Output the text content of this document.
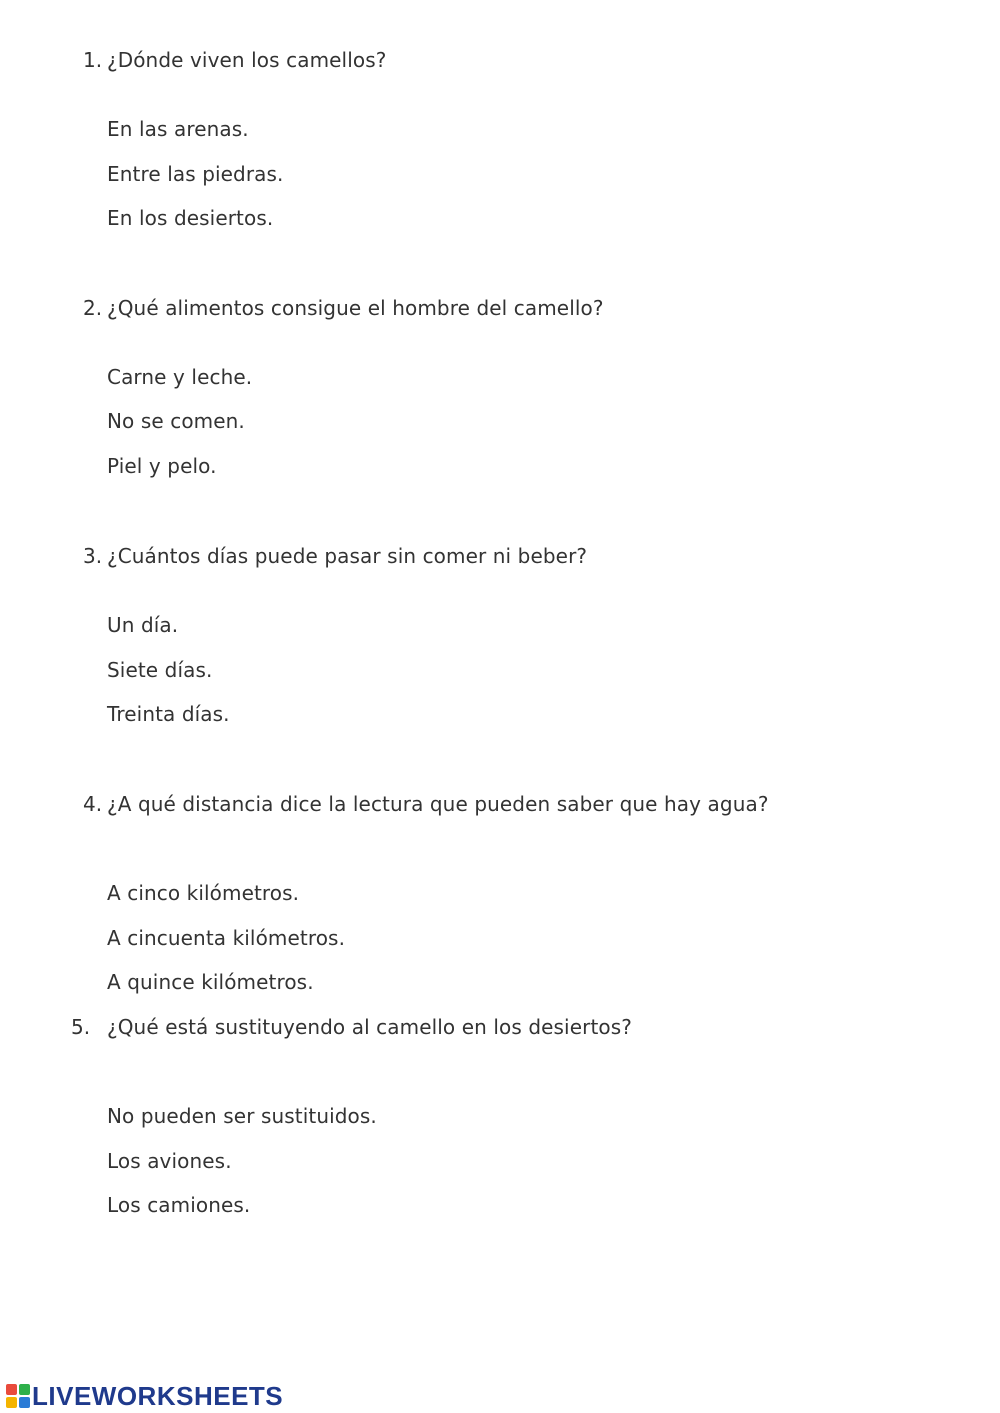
1. ¿Dónde viven los camellos?
En las arenas.
Entre las piedras.
En los desiertos.
2. ¿Qué alimentos consigue el hombre del camello?
Carne y leche.
No se comen.
Piel y pelo.
3. ¿Cuántos días puede pasar sin comer ni beber?
Un día.
Siete días.
Treinta días.
4. ¿A qué distancia dice la lectura que pueden saber que hay agua?
A cinco kilómetros.
A cincuenta kilómetros.
A quince kilómetros.
5. ¿Qué está sustituyendo al camello en los desiertos?
No pueden ser sustituidos.
Los aviones.
Los camiones.
LIVEWORKSHEETS
